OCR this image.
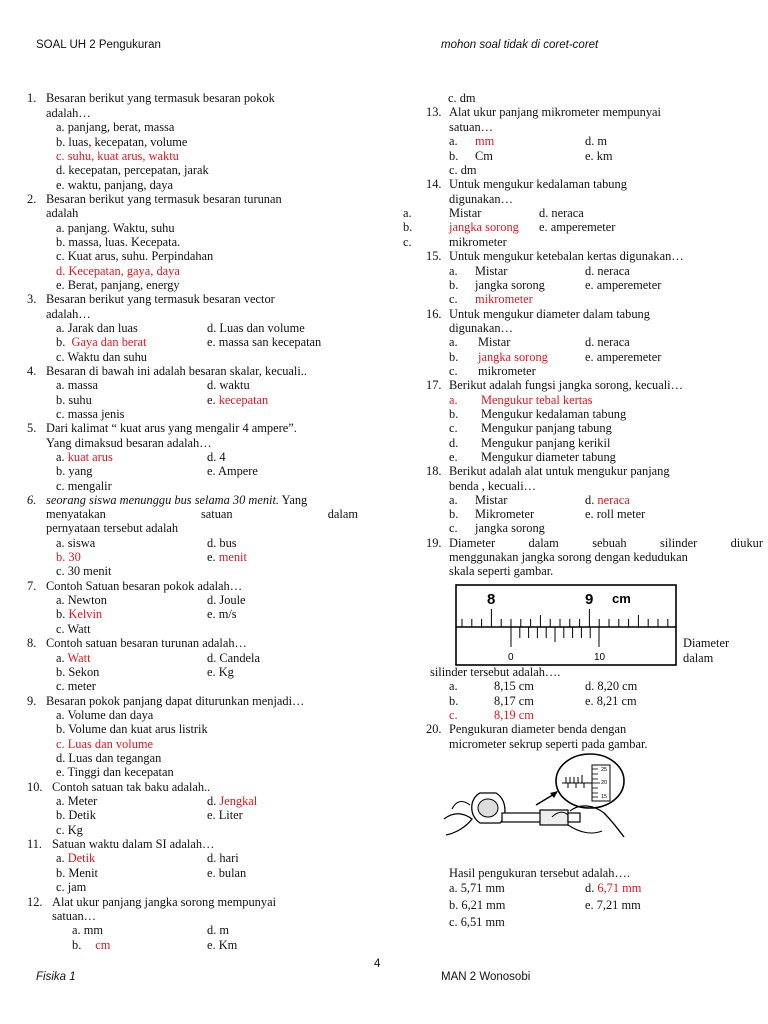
SOAL UH 2 Pengukuran	mohon soal tidak di coret-coret
1. Besaran berikut yang termasuk besaran pokok
adalah…
a. panjang, berat, massa
b. luas, kecepatan, volume
c. suhu, kuat arus, waktu
d. kecepatan, percepatan, jarak
e. waktu, panjang, daya
2. Besaran berikut yang termasuk besaran turunan
adalah
a. panjang. Waktu, suhu
b. massa, luas. Kecepata.
c. Kuat arus, suhu. Perpindahan
d. Kecepatan, gaya, daya
e. Berat, panjang, energy
3. Besaran berikut yang termasuk besaran vector
adalah…
a. Jarak dan luas	d. Luas dan volume
b.  Gaya dan berat	e. massa san kecepatan
c. Waktu dan suhu
4. Besaran di bawah ini adalah besaran skalar, kecuali..
a. massa	d. waktu
b. suhu	e. kecepatan
c. massa jenis
5. Dari kalimat “ kuat arus yang mengalir 4 ampere”.
Yang dimaksud besaran adalah…
a. kuat arus	d. 4
b. yang	e. Ampere
c. mengalir
6. seorang siswa menunggu bus selama 30 menit. Yang
menyatakan	satuan	dalam
pernyataan tersebut adalah
a. siswa	d. bus
b. 30	e. menit
c. 30 menit
7. Contoh Satuan besaran pokok adalah…
a. Newton	d. Joule
b. Kelvin	e. m/s
c. Watt
8. Contoh satuan besaran turunan adalah…
a. Watt	d. Candela
b. Sekon	e. Kg
c. meter
9. Besaran pokok panjang dapat diturunkan menjadi…
a. Volume dan daya
b. Volume dan kuat arus listrik
c. Luas dan volume
d. Luas dan tegangan
e. Tinggi dan kecepatan
10. Contoh satuan tak baku adalah..
a. Meter	d. Jengkal
b. Detik	e. Liter
c. Kg
11. Satuan waktu dalam SI adalah…
a. Detik	d. hari
b. Menit	e. bulan
c. jam
12. Alat ukur panjang jangka sorong mempunyai
satuan…
a. mm	d. m
b. cm	e. Km
c. dm
13. Alat ukur panjang mikrometer mempunyai
satuan…
a. mm	d. m
b. Cm	e. km
c. dm
14. Untuk mengukur kedalaman tabung
digunakan…
a.	Mistar	d. neraca
b.	jangka sorong e. amperemeter
c.	mikrometer
15. Untuk mengukur ketebalan kertas digunakan…
a. Mistar	d. neraca
b. jangka sorong	e. amperemeter
c. mikrometer
16. Untuk mengukur diameter dalam tabung
digunakan…
a. Mistar	d. neraca
b. jangka sorong	e. amperemeter
c. mikrometer
17. Berikut adalah fungsi jangka sorong, kecuali…
a. Mengukur tebal kertas
b. Mengukur kedalaman tabung
c. Mengukur panjang tabung
d. Mengukur panjang kerikil
e. Mengukur diameter tabung
18. Berikut adalah alat untuk mengukur panjang
benda , kecuali…
a. Mistar	d. neraca
b. Mikrometer	e. roll meter
c. jangka sorong
19. Diameter	dalam	sebuah	silinder	diukur
menggunakan jangka sorong dengan kedudukan
skala seperti gambar.
8	9 cm
0	10
Diameter
dalam
silinder tersebut adalah….
a.	8,15 cm	d. 8,20 cm
b.	8,17 cm	e. 8,21 cm
c.	8,19 cm
20. Pengukuran diameter benda dengan
micrometer sekrup seperti pada gambar.
25
20
15
Hasil pengukuran tersebut adalah….
a. 5,71 mm	d. 6,71 mm
b. 6,21 mm	e. 7,21 mm
c. 6,51 mm
4
Fisika 1	MAN 2 Wonosobi
